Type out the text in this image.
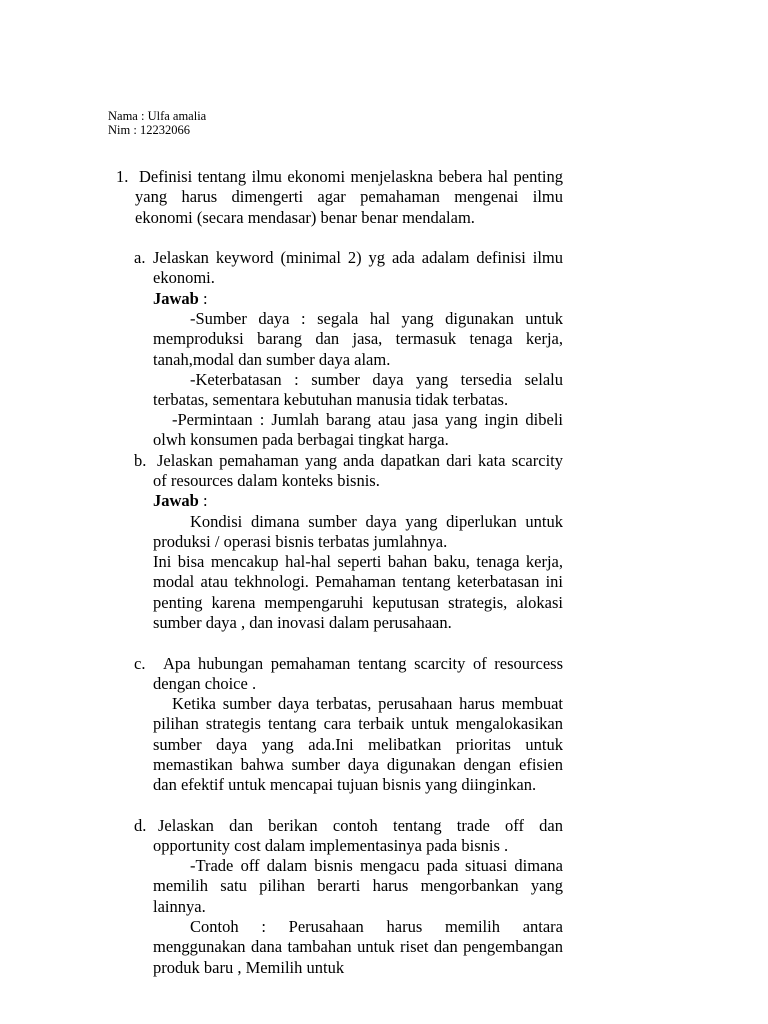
Nama : Ulfa amalia
Nim : 12232066
1. Definisi tentang ilmu ekonomi menjelaskna bebera hal penting yang harus dimengerti agar pemahaman mengenai ilmu ekonomi (secara mendasar) benar benar mendalam.
a. Jelaskan keyword (minimal 2) yg ada adalam definisi ilmu ekonomi.
Jawab :
-Sumber daya : segala hal yang digunakan untuk memproduksi barang dan jasa, termasuk tenaga kerja, tanah,modal dan sumber daya alam.
-Keterbatasan : sumber daya yang tersedia selalu terbatas, sementara kebutuhan manusia tidak terbatas.
-Permintaan : Jumlah barang atau jasa yang ingin dibeli olwh konsumen pada berbagai tingkat harga.
b. Jelaskan pemahaman yang anda dapatkan dari kata scarcity of resources dalam konteks bisnis.
Jawab :
Kondisi dimana sumber daya yang diperlukan untuk produksi / operasi bisnis terbatas jumlahnya.
Ini bisa mencakup hal-hal seperti bahan baku, tenaga kerja, modal atau tekhnologi. Pemahaman tentang keterbatasan ini penting karena mempengaruhi keputusan strategis, alokasi sumber daya , dan inovasi dalam perusahaan.
c.	Apa hubungan pemahaman tentang scarcity of resourcess dengan choice .
Ketika sumber daya terbatas, perusahaan harus membuat pilihan strategis tentang cara terbaik untuk mengalokasikan sumber daya yang ada.Ini melibatkan prioritas untuk memastikan bahwa sumber daya digunakan dengan efisien dan efektif untuk mencapai tujuan bisnis yang diinginkan.
d. Jelaskan dan berikan contoh tentang trade off dan opportunity cost dalam implementasinya pada bisnis .
-Trade off dalam bisnis mengacu pada situasi dimana memilih satu pilihan berarti harus mengorbankan yang lainnya.
Contoh : Perusahaan harus memilih antara menggunakan dana tambahan untuk riset dan pengembangan produk baru , Memilih untuk
